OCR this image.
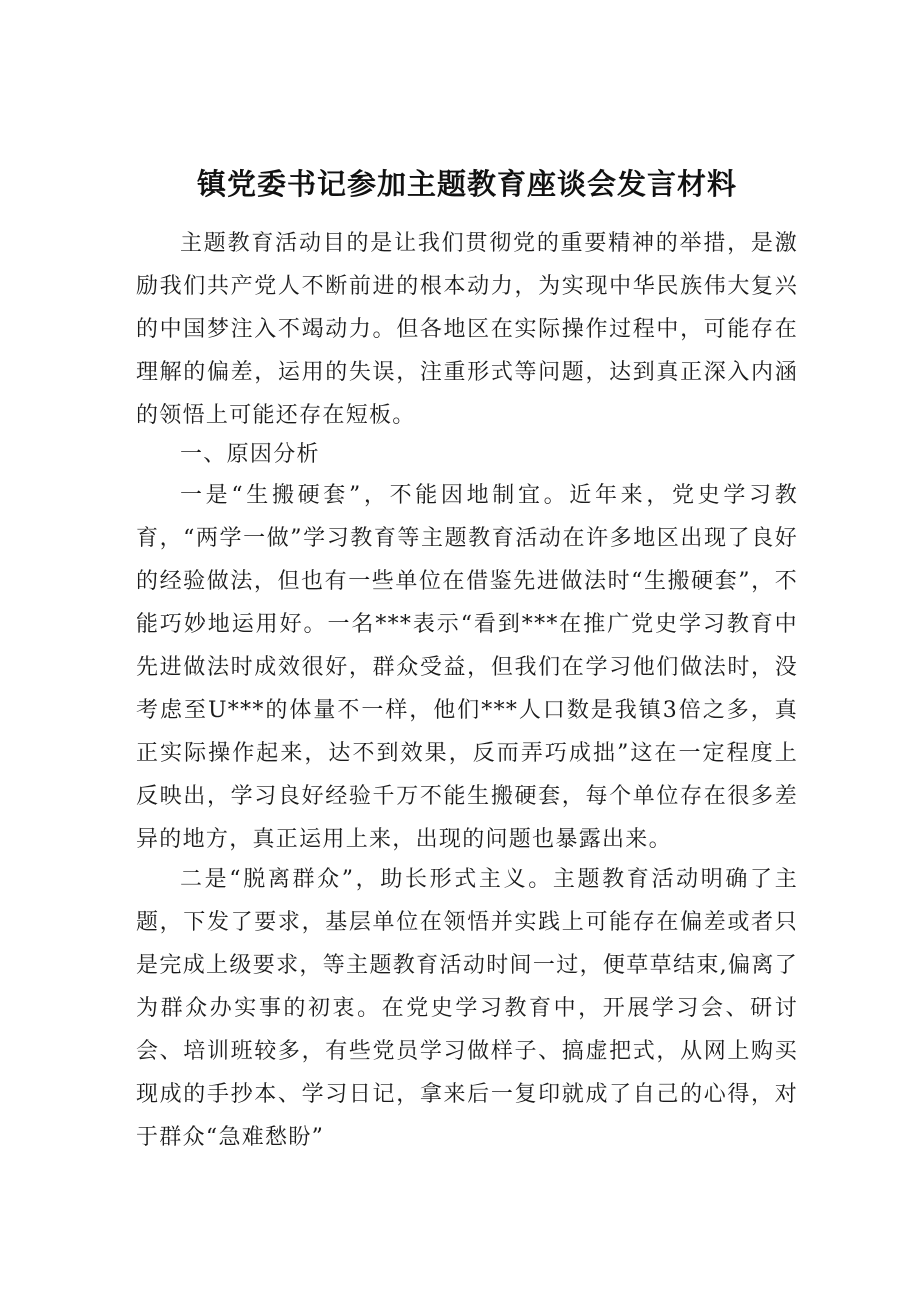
镇党委书记参加主题教育座谈会发言材料

主题教育活动目的是让我们贯彻党的重要精神的举措，是激励我们共产党人不断前进的根本动力，为实现中华民族伟大复兴的中国梦注入不竭动力。但各地区在实际操作过程中，可能存在理解的偏差，运用的失误，注重形式等问题，达到真正深入内涵的领悟上可能还存在短板。

一、原因分析

一是“生搬硬套”，不能因地制宜。近年来，党史学习教育，“两学一做”学习教育等主题教育活动在许多地区出现了良好的经验做法，但也有一些单位在借鉴先进做法时“生搬硬套”，不能巧妙地运用好。一名***表示“看到***在推广党史学习教育中先进做法时成效很好，群众受益，但我们在学习他们做法时，没考虑至U***的体量不一样，他们***人口数是我镇3倍之多，真正实际操作起来，达不到效果，反而弄巧成拙”这在一定程度上反映出，学习良好经验千万不能生搬硬套，每个单位存在很多差异的地方，真正运用上来，出现的问题也暴露出来。

二是“脱离群众”，助长形式主义。主题教育活动明确了主题，下发了要求，基层单位在领悟并实践上可能存在偏差或者只是完成上级要求，等主题教育活动时间一过，便草草结束,偏离了为群众办实事的初衷。在党史学习教育中，开展学习会、研讨会、培训班较多，有些党员学习做样子、搞虚把式，从网上购买现成的手抄本、学习日记，拿来后一复印就成了自己的心得，对于群众“急难愁盼”
